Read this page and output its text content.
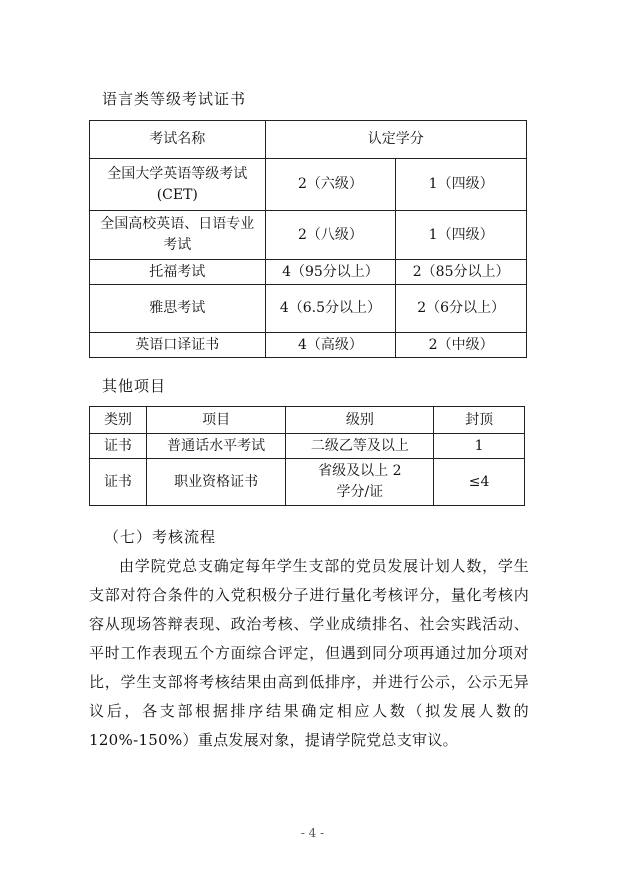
语言类等级考试证书
考试名称	认定学分	
全国大学英语等级考试(CET)	2（六级）	1（四级）
全国高校英语、日语专业考试	2（八级）	1（四级）
托福考试	4（95分以上）	2（85分以上）
雅思考试	4（6.5分以上）	2（6分以上）
英语口译证书	4（高级）	2（中级）
其他项目
类别	项目	级别	封顶
证书	普通话水平考试	二级乙等及以上	1
证书	职业资格证书	省级及以上 2学分/证	≤4
（七）考核流程

由学院党总支确定每年学生支部的党员发展计划人数，学生支部对符合条件的入党积极分子进行量化考核评分，量化考核内容从现场答辩表现、政治考核、学业成绩排名、社会实践活动、平时工作表现五个方面综合评定，但遇到同分项再通过加分项对比，学生支部将考核结果由高到低排序，并进行公示，公示无异议后，各支部根据排序结果确定相应人数（拟发展人数的120%-150%）重点发展对象，提请学院党总支审议。

- 4 -
